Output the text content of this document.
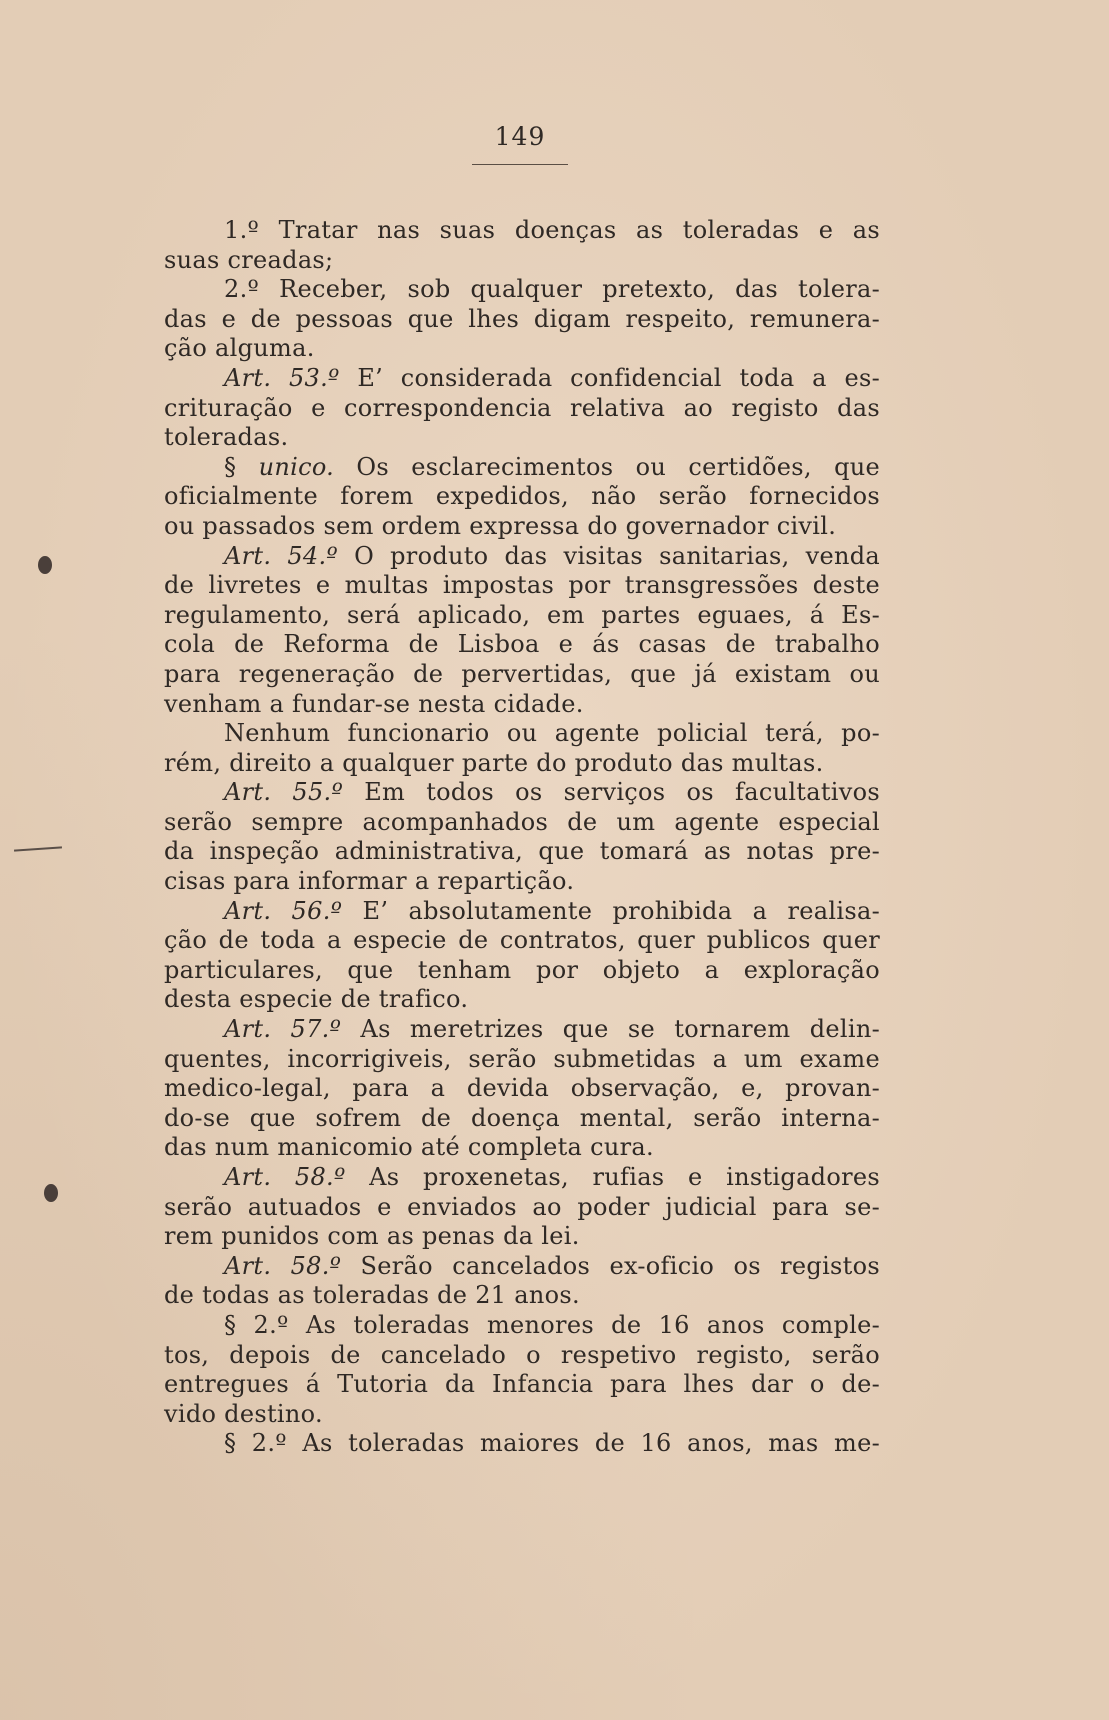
149
1.º Tratar nas suas doenças as toleradas e as
suas creadas;
2.º Receber, sob qualquer pretexto, das tolera-
das e de pessoas que lhes digam respeito, remunera-
ção alguma.
Art. 53.º E’ considerada confidencial toda a es-
crituração e correspondencia relativa ao registo das
toleradas.
§ unico. Os esclarecimentos ou certidões, que
oficialmente forem expedidos, não serão fornecidos
ou passados sem ordem expressa do governador civil.
Art. 54.º O produto das visitas sanitarias, venda
de livretes e multas impostas por transgressões deste
regulamento, será aplicado, em partes eguaes, á Es-
cola de Reforma de Lisboa e ás casas de trabalho
para regeneração de pervertidas, que já existam ou
venham a fundar-se nesta cidade.
Nenhum funcionario ou agente policial terá, po-
rém, direito a qualquer parte do produto das multas.
Art. 55.º Em todos os serviços os facultativos
serão sempre acompanhados de um agente especial
da inspeção administrativa, que tomará as notas pre-
cisas para informar a repartição.
Art. 56.º E’ absolutamente prohibida a realisa-
ção de toda a especie de contratos, quer publicos quer
particulares, que tenham por objeto a exploração
desta especie de trafico.
Art. 57.º As meretrizes que se tornarem delin-
quentes, incorrigiveis, serão submetidas a um exame
medico-legal, para a devida observação, e, provan-
do-se que sofrem de doença mental, serão interna-
das num manicomio até completa cura.
Art. 58.º As proxenetas, rufias e instigadores
serão autuados e enviados ao poder judicial para se-
rem punidos com as penas da lei.
Art. 58.º Serão cancelados ex-oficio os registos
de todas as toleradas de 21 anos.
§ 2.º As toleradas menores de 16 anos comple-
tos, depois de cancelado o respetivo registo, serão
entregues á Tutoria da Infancia para lhes dar o de-
vido destino.
§ 2.º As toleradas maiores de 16 anos, mas me-
